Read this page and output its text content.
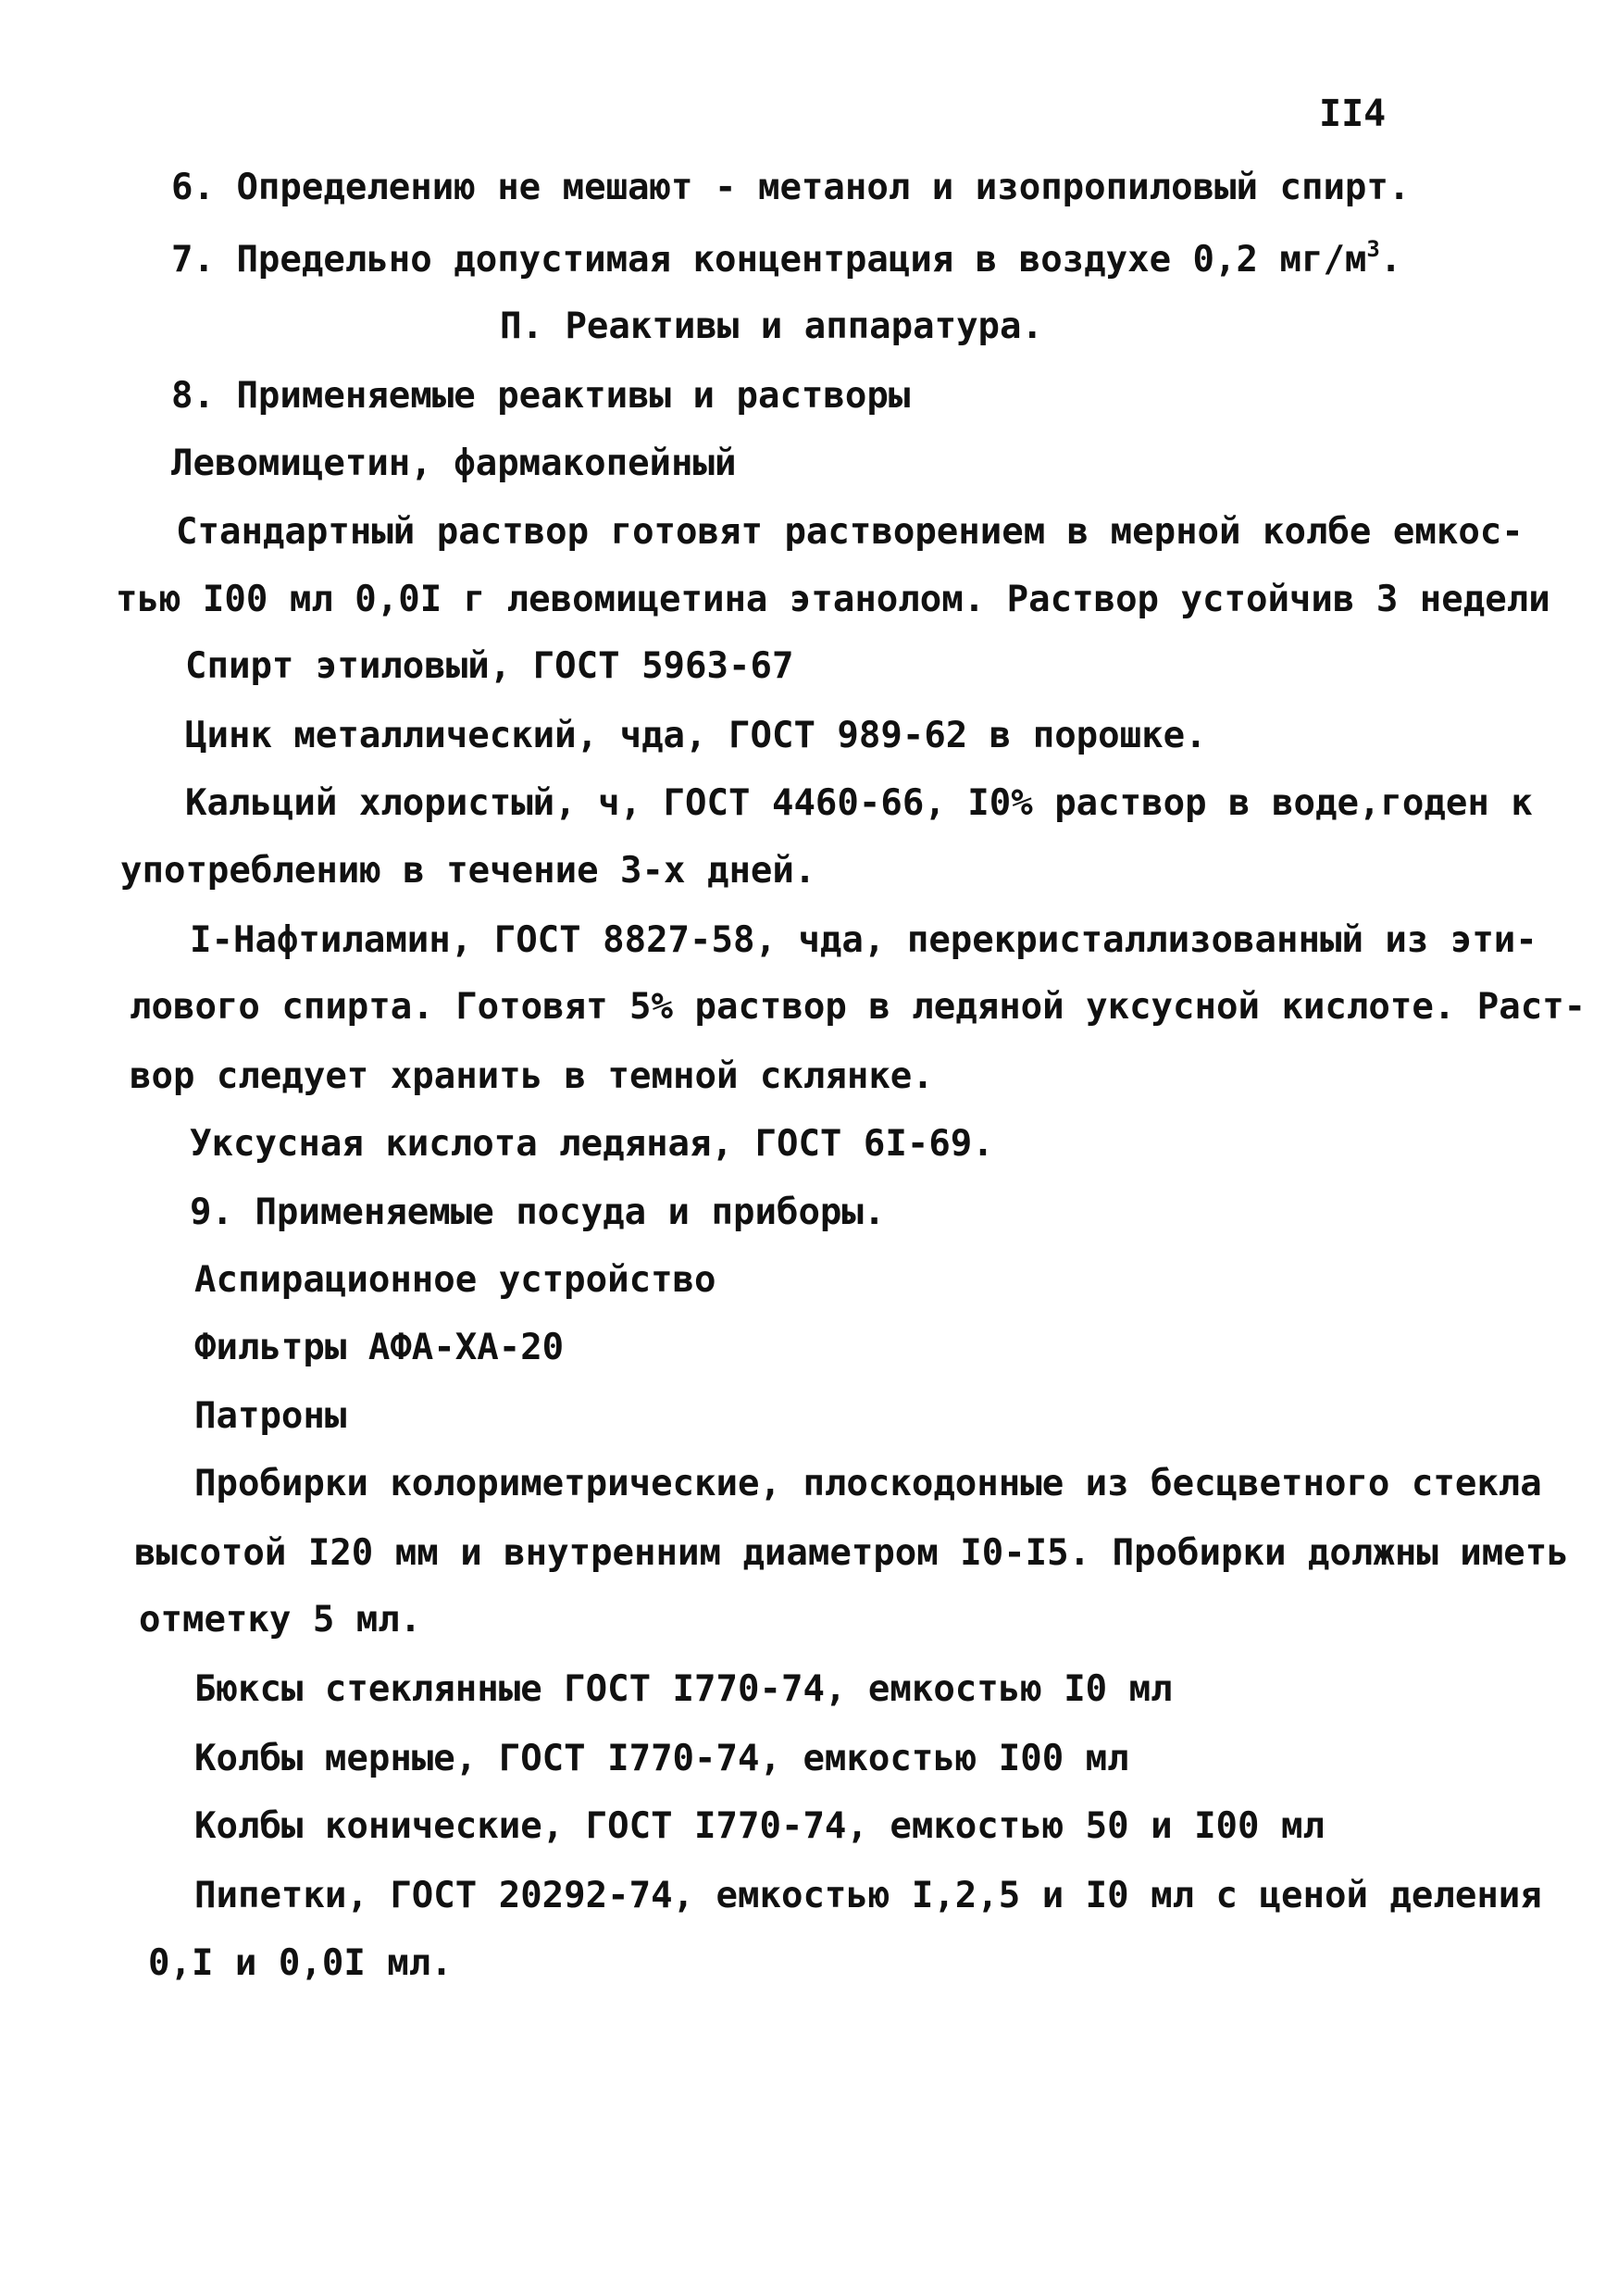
II4
6. Определению не мешают - метанол и изопропиловый спирт.
7. Предельно допустимая концентрация в воздухе 0,2 $мг/м^3$.
П. Реактивы и аппаратура.
8. Применяемые реактивы и растворы
Левомицетин, фармакопейный
Стандартный раствор готовят растворением в мерной колбе емкос-
тью I00 мл 0,0I г левомицетина этанолом. Раствор устойчив 3 недели
Спирт этиловый, ГОСТ 5963-67
Цинк металлический, чда, ГОСТ 989-62 в порошке.
Кальций хлористый, ч, ГОСТ 4460-66, I0% раствор в воде,годен к
употреблению в течение 3-х дней.
I-Нафтиламин, ГОСТ 8827-58, чда, перекристаллизованный из эти-
лового спирта. Готовят 5% раствор в ледяной уксусной кислоте. Раст-
вор следует хранить в темной склянке.
Уксусная кислота ледяная, ГОСТ 6I-69.
9. Применяемые посуда и приборы.
Аспирационное устройство
Фильтры АФА-ХА-20
Патроны
Пробирки колориметрические, плоскодонные из бесцветного стекла
высотой I20 мм и внутренним диаметром I0-I5. Пробирки должны иметь
отметку 5 мл.
Бюксы стеклянные ГОСТ I770-74, емкостью I0 мл
Колбы мерные, ГОСТ I770-74, емкостью I00 мл
Колбы конические, ГОСТ I770-74, емкостью 50 и I00 мл
Пипетки, ГОСТ 20292-74, емкостью I,2,5 и I0 мл с ценой деления
0,I и 0,0I мл.
